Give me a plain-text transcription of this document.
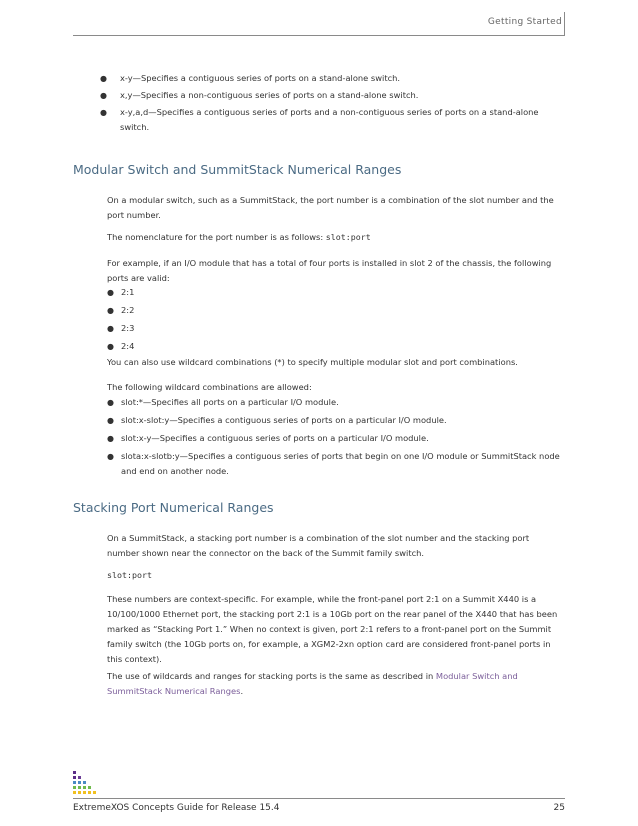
Getting Started
● x-y—Specifies a contiguous series of ports on a stand-alone switch.
● x,y—Specifies a non-contiguous series of ports on a stand-alone switch.
● x-y,a,d—Specifies a contiguous series of ports and a non-contiguous series of ports on a stand-alone switch.
Modular Switch and SummitStack Numerical Ranges

On a modular switch, such as a SummitStack, the port number is a combination of the slot number and the port number.

The nomenclature for the port number is as follows: slot:port

For example, if an I/O module that has a total of four ports is installed in slot 2 of the chassis, the following ports are valid:

● 2:1
● 2:2
● 2:3
● 2:4

You can also use wildcard combinations (*) to specify multiple modular slot and port combinations.

The following wildcard combinations are allowed:

● slot:*—Specifies all ports on a particular I/O module.
● slot:x-slot:y—Specifies a contiguous series of ports on a particular I/O module.
● slot:x-y—Specifies a contiguous series of ports on a particular I/O module.
● slota:x-slotb:y—Specifies a contiguous series of ports that begin on one I/O module or SummitStack node and end on another node.
Stacking Port Numerical Ranges

On a SummitStack, a stacking port number is a combination of the slot number and the stacking port number shown near the connector on the back of the Summit family switch.

slot:port

These numbers are context-specific. For example, while the front-panel port 2:1 on a Summit X440 is a 10/100/1000 Ethernet port, the stacking port 2:1 is a 10Gb port on the rear panel of the X440 that has been marked as “Stacking Port 1.” When no context is given, port 2:1 refers to a front-panel port on the Summit family switch (the 10Gb ports on, for example, a XGM2-2xn option card are considered front-panel ports in this context).

The use of wildcards and ranges for stacking ports is the same as described in Modular Switch and SummitStack Numerical Ranges.

ExtremeXOS Concepts Guide for Release 15.4	25
